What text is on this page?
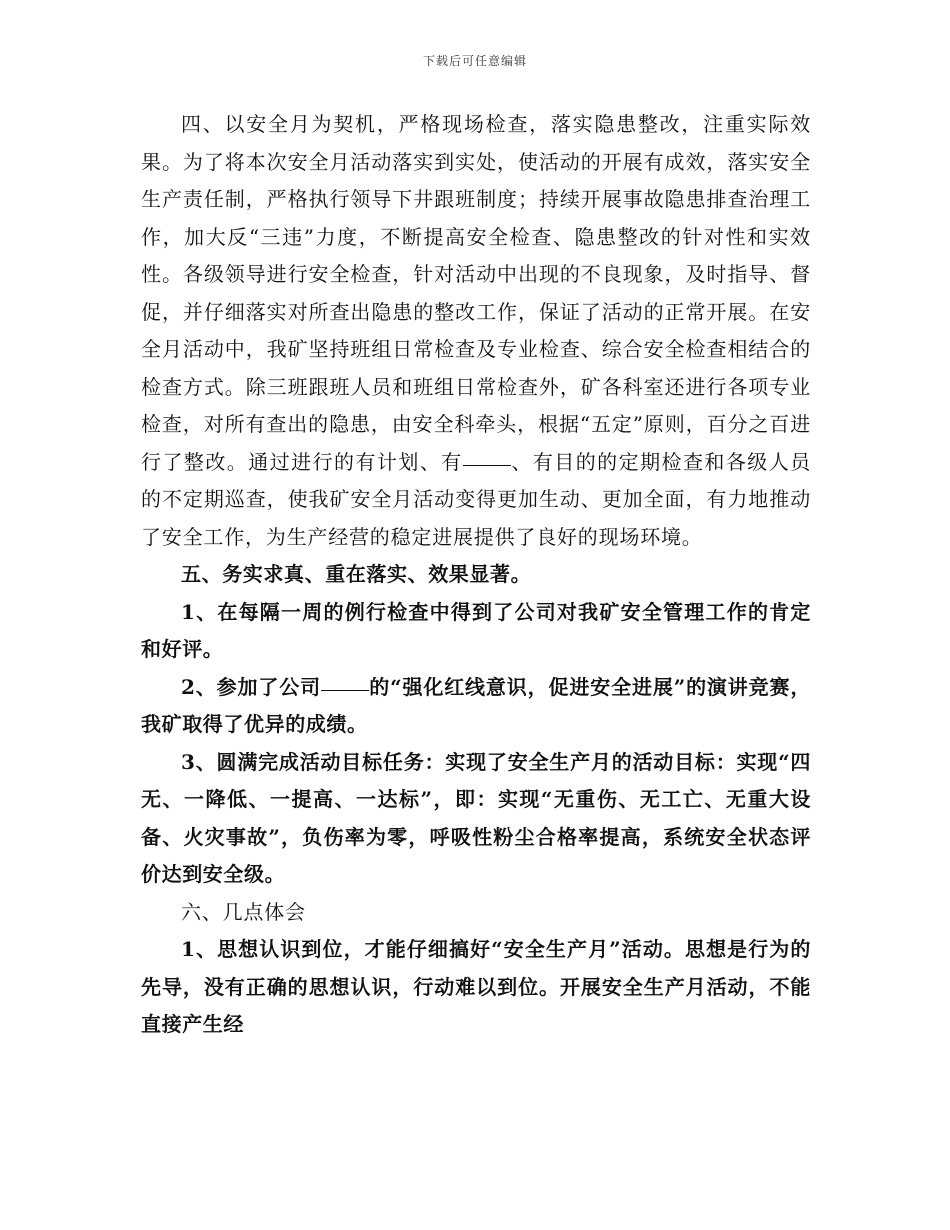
下载后可任意编辑

四、以安全月为契机，严格现场检查，落实隐患整改，注重实际效果。为了将本次安全月活动落实到实处，使活动的开展有成效，落实安全生产责任制，严格执行领导下井跟班制度；持续开展事故隐患排查治理工作，加大反“三违”力度，不断提高安全检查、隐患整改的针对性和实效性。各级领导进行安全检查，针对活动中出现的不良现象，及时指导、督促，并仔细落实对所查出隐患的整改工作，保证了活动的正常开展。在安全月活动中，我矿坚持班组日常检查及专业检查、综合安全检查相结合的检查方式。除三班跟班人员和班组日常检查外，矿各科室还进行各项专业检查，对所有查出的隐患，由安全科牵头，根据“五定”原则，百分之百进行了整改。通过进行的有计划、有 、有目的的定期检查和各级人员的不定期巡查，使我矿安全月活动变得更加生动、更加全面，有力地推动了安全工作，为生产经营的稳定进展提供了良好的现场环境。

五、务实求真、重在落实、效果显著。

1、在每隔一周的例行检查中得到了公司对我矿安全管理工作的肯定和好评。

2、参加了公司 的“强化红线意识，促进安全进展”的演讲竞赛，我矿取得了优异的成绩。

3、圆满完成活动目标任务：实现了安全生产月的活动目标：实现“四无、一降低、一提高、一达标”，即：实现“无重伤、无工亡、无重大设备、火灾事故”，负伤率为零，呼吸性粉尘合格率提高，系统安全状态评价达到安全级。

六、几点体会

1、思想认识到位，才能仔细搞好“安全生产月”活动。思想是行为的先导，没有正确的思想认识，行动难以到位。开展安全生产月活动，不能直接产生经
